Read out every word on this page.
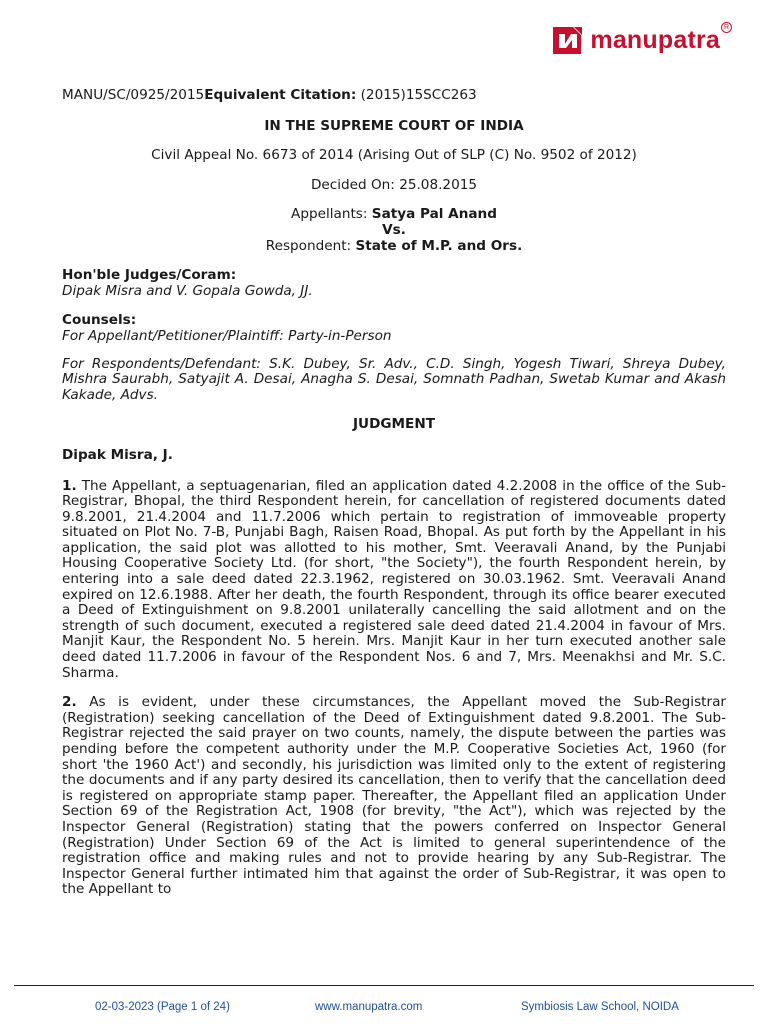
manupatra R

MANU/SC/0925/2015Equivalent Citation: (2015)15SCC263

IN THE SUPREME COURT OF INDIA

Civil Appeal No. 6673 of 2014 (Arising Out of SLP (C) No. 9502 of 2012)

Decided On: 25.08.2015

Appellants: Satya Pal Anand

Vs.

Respondent: State of M.P. and Ors.

Hon'ble Judges/Coram:

Dipak Misra and V. Gopala Gowda, JJ.

Counsels:

For Appellant/Petitioner/Plaintiff: Party-in-Person

For Respondents/Defendant: S.K. Dubey, Sr. Adv., C.D. Singh, Yogesh Tiwari, Shreya Dubey, Mishra Saurabh, Satyajit A. Desai, Anagha S. Desai, Somnath Padhan, Swetab Kumar and Akash Kakade, Advs.

JUDGMENT

Dipak Misra, J.

1. The Appellant, a septuagenarian, filed an application dated 4.2.2008 in the office of the Sub-Registrar, Bhopal, the third Respondent herein, for cancellation of registered documents dated 9.8.2001, 21.4.2004 and 11.7.2006 which pertain to registration of immoveable property situated on Plot No. 7-B, Punjabi Bagh, Raisen Road, Bhopal. As put forth by the Appellant in his application, the said plot was allotted to his mother, Smt. Veeravali Anand, by the Punjabi Housing Cooperative Society Ltd. (for short, "the Society"), the fourth Respondent herein, by entering into a sale deed dated 22.3.1962, registered on 30.03.1962. Smt. Veeravali Anand expired on 12.6.1988. After her death, the fourth Respondent, through its office bearer executed a Deed of Extinguishment on 9.8.2001 unilaterally cancelling the said allotment and on the strength of such document, executed a registered sale deed dated 21.4.2004 in favour of Mrs. Manjit Kaur, the Respondent No. 5 herein. Mrs. Manjit Kaur in her turn executed another sale deed dated 11.7.2006 in favour of the Respondent Nos. 6 and 7, Mrs. Meenakhsi and Mr. S.C. Sharma.

2. As is evident, under these circumstances, the Appellant moved the Sub-Registrar (Registration) seeking cancellation of the Deed of Extinguishment dated 9.8.2001. The Sub-Registrar rejected the said prayer on two counts, namely, the dispute between the parties was pending before the competent authority under the M.P. Cooperative Societies Act, 1960 (for short 'the 1960 Act') and secondly, his jurisdiction was limited only to the extent of registering the documents and if any party desired its cancellation, then to verify that the cancellation deed is registered on appropriate stamp paper. Thereafter, the Appellant filed an application Under Section 69 of the Registration Act, 1908 (for brevity, "the Act"), which was rejected by the Inspector General (Registration) stating that the powers conferred on Inspector General (Registration) Under Section 69 of the Act is limited to general superintendence of the registration office and making rules and not to provide hearing by any Sub-Registrar. The Inspector General further intimated him that against the order of Sub-Registrar, it was open to the Appellant to

02-03-2023 (Page 1 of 24)	www.manupatra.com	Symbiosis Law School, NOIDA
